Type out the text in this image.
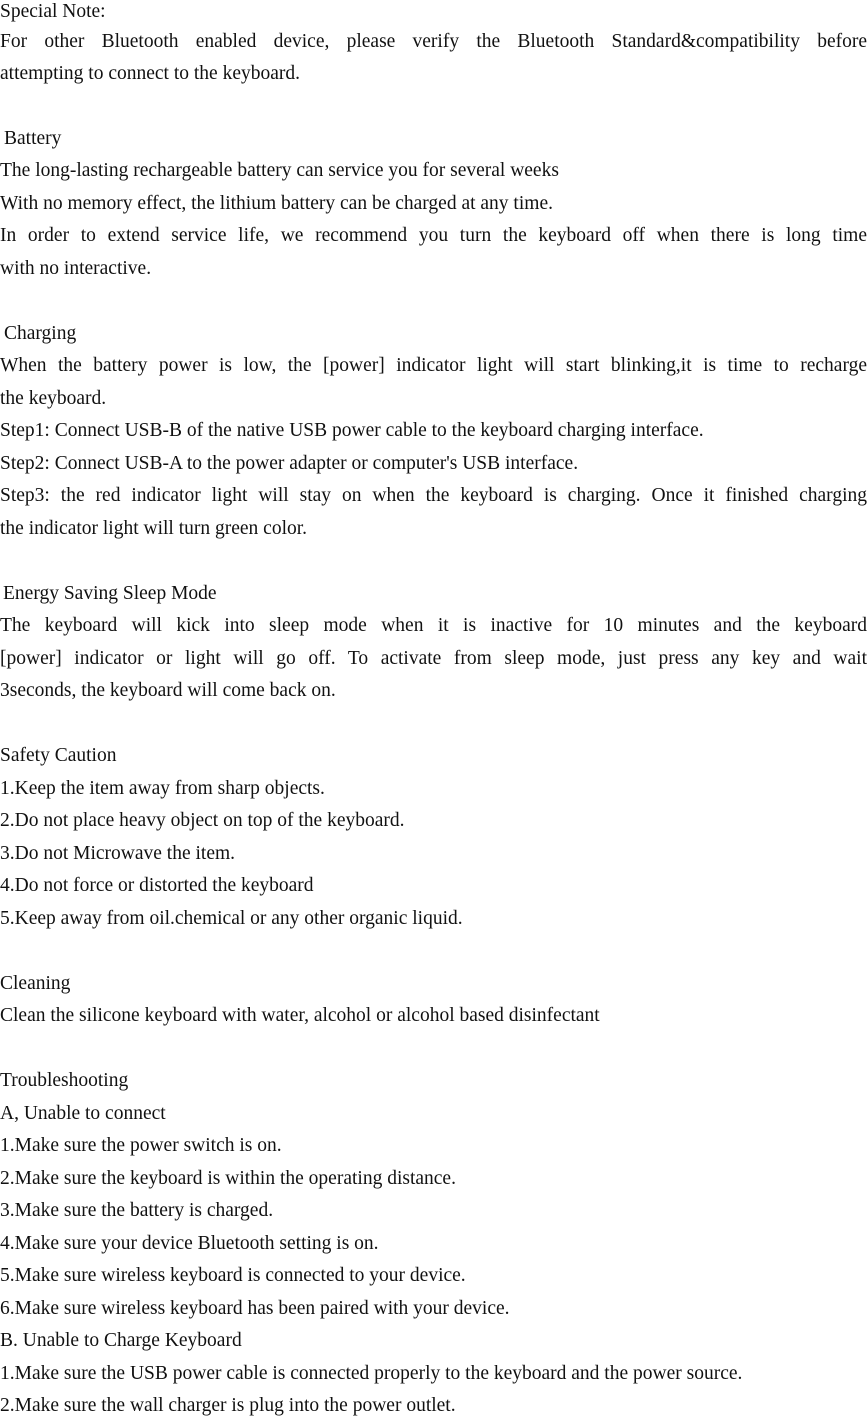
Special Note:
For other Bluetooth enabled device, please verify the Bluetooth Standard&compatibility before
attempting to connect to the keyboard.
Battery
The long-lasting rechargeable battery can service you for several weeks
With no memory effect, the lithium battery can be charged at any time.
In order to extend service life, we recommend you turn the keyboard off when there is long time
with no interactive.
Charging
When the battery power is low, the [power] indicator light will start blinking,it is time to recharge
the keyboard.
Step1: Connect USB-B of the native USB power cable to the keyboard charging interface.
Step2: Connect USB-A to the power adapter or computer's USB interface.
Step3: the red indicator light will stay on when the keyboard is charging. Once it finished charging
the indicator light will turn green color.
Energy Saving Sleep Mode
The keyboard will kick into sleep mode when it is inactive for 10 minutes and the keyboard
[power] indicator or light will go off. To activate from sleep mode, just press any key and wait
3seconds, the keyboard will come back on.
Safety Caution
1.Keep the item away from sharp objects.
2.Do not place heavy object on top of the keyboard.
3.Do not Microwave the item.
4.Do not force or distorted the keyboard
5.Keep away from oil.chemical or any other organic liquid.
Cleaning
Clean the silicone keyboard with water, alcohol or alcohol based disinfectant
Troubleshooting
A, Unable to connect
1.Make sure the power switch is on.
2.Make sure the keyboard is within the operating distance.
3.Make sure the battery is charged.
4.Make sure your device Bluetooth setting is on.
5.Make sure wireless keyboard is connected to your device.
6.Make sure wireless keyboard has been paired with your device.
B. Unable to Charge Keyboard
1.Make sure the USB power cable is connected properly to the keyboard and the power source.
2.Make sure the wall charger is plug into the power outlet.
